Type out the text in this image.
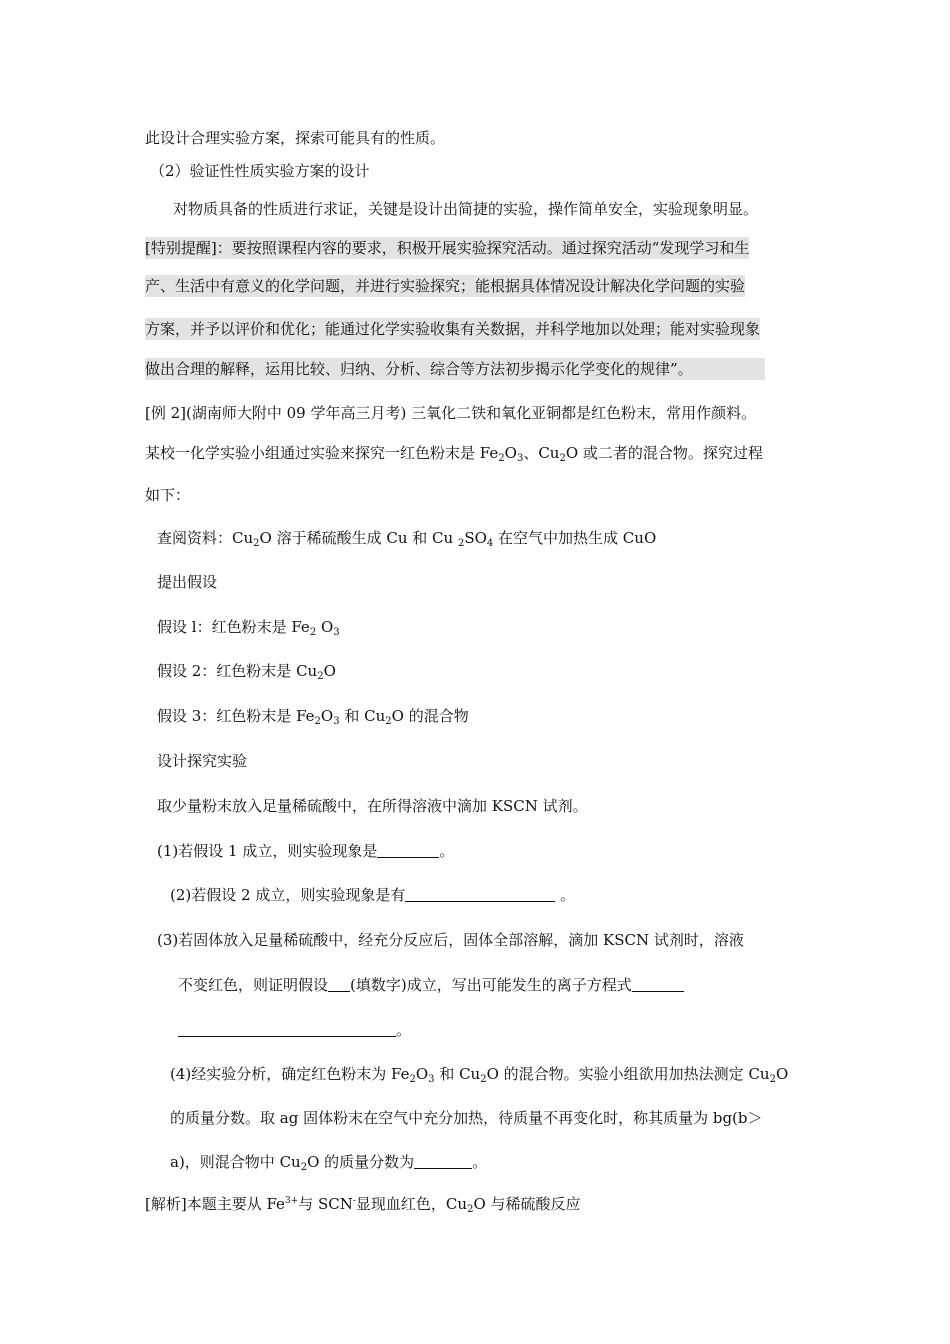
此设计合理实验方案，探索可能具有的性质。
（2）验证性性质实验方案的设计
对物质具备的性质进行求证，关键是设计出简捷的实验，操作简单安全，实验现象明显。
[特别提醒]：要按照课程内容的要求，积极开展实验探究活动。通过探究活动“发现学习和生
产、生活中有意义的化学问题，并进行实验探究；能根据具体情况设计解决化学问题的实验
方案，并予以评价和优化；能通过化学实验收集有关数据，并科学地加以处理；能对实验现象
做出合理的解释，运用比较、归纳、分析、综合等方法初步揭示化学变化的规律”。
[例 2](湖南师大附中 09 学年高三月考) 三氧化二铁和氧化亚铜都是红色粉末，常用作颜料。
某校一化学实验小组通过实验来探究一红色粉末是 $Fe_2O_3$、$Cu_2O$ 或二者的混合物。探究过程
如下：
查阅资料：$Cu_2O$ 溶于稀硫酸生成 Cu 和 Cu $_2SO_4$ 在空气中加热生成 CuO
提出假设
假设 l：红色粉末是 $Fe_2$ $O_3$
假设 2：红色粉末是 $Cu_2O$
假设 3：红色粉末是 $Fe_2O_3$ 和 $Cu_2O$ 的混合物
设计探究实验
取少量粉末放入足量稀硫酸中，在所得溶液中滴加 KSCN 试剂。
(1)若假设 1 成立，则实验现象是	。
(2)若假设 2 成立，则实验现象是有	。
(3)若固体放入足量稀硫酸中，经充分反应后，固体全部溶解，滴加 KSCN 试剂时，溶液
不变红色，则证明假设 (填数字)成立，写出可能发生的离子方程式
。
(4)经实验分析，确定红色粉末为 $Fe_2O_3$ 和 $Cu_2O$ 的混合物。实验小组欲用加热法测定 $Cu_2O$
的质量分数。取 ag 固体粉末在空气中充分加热，待质量不再变化时，称其质量为 bg(b＞
a)，则混合物中 $Cu_2O$ 的质量分数为	。
[解析]本题主要从 $Fe^{3+}$与 SCN-显现血红色，$Cu_2O$ 与稀硫酸反应
